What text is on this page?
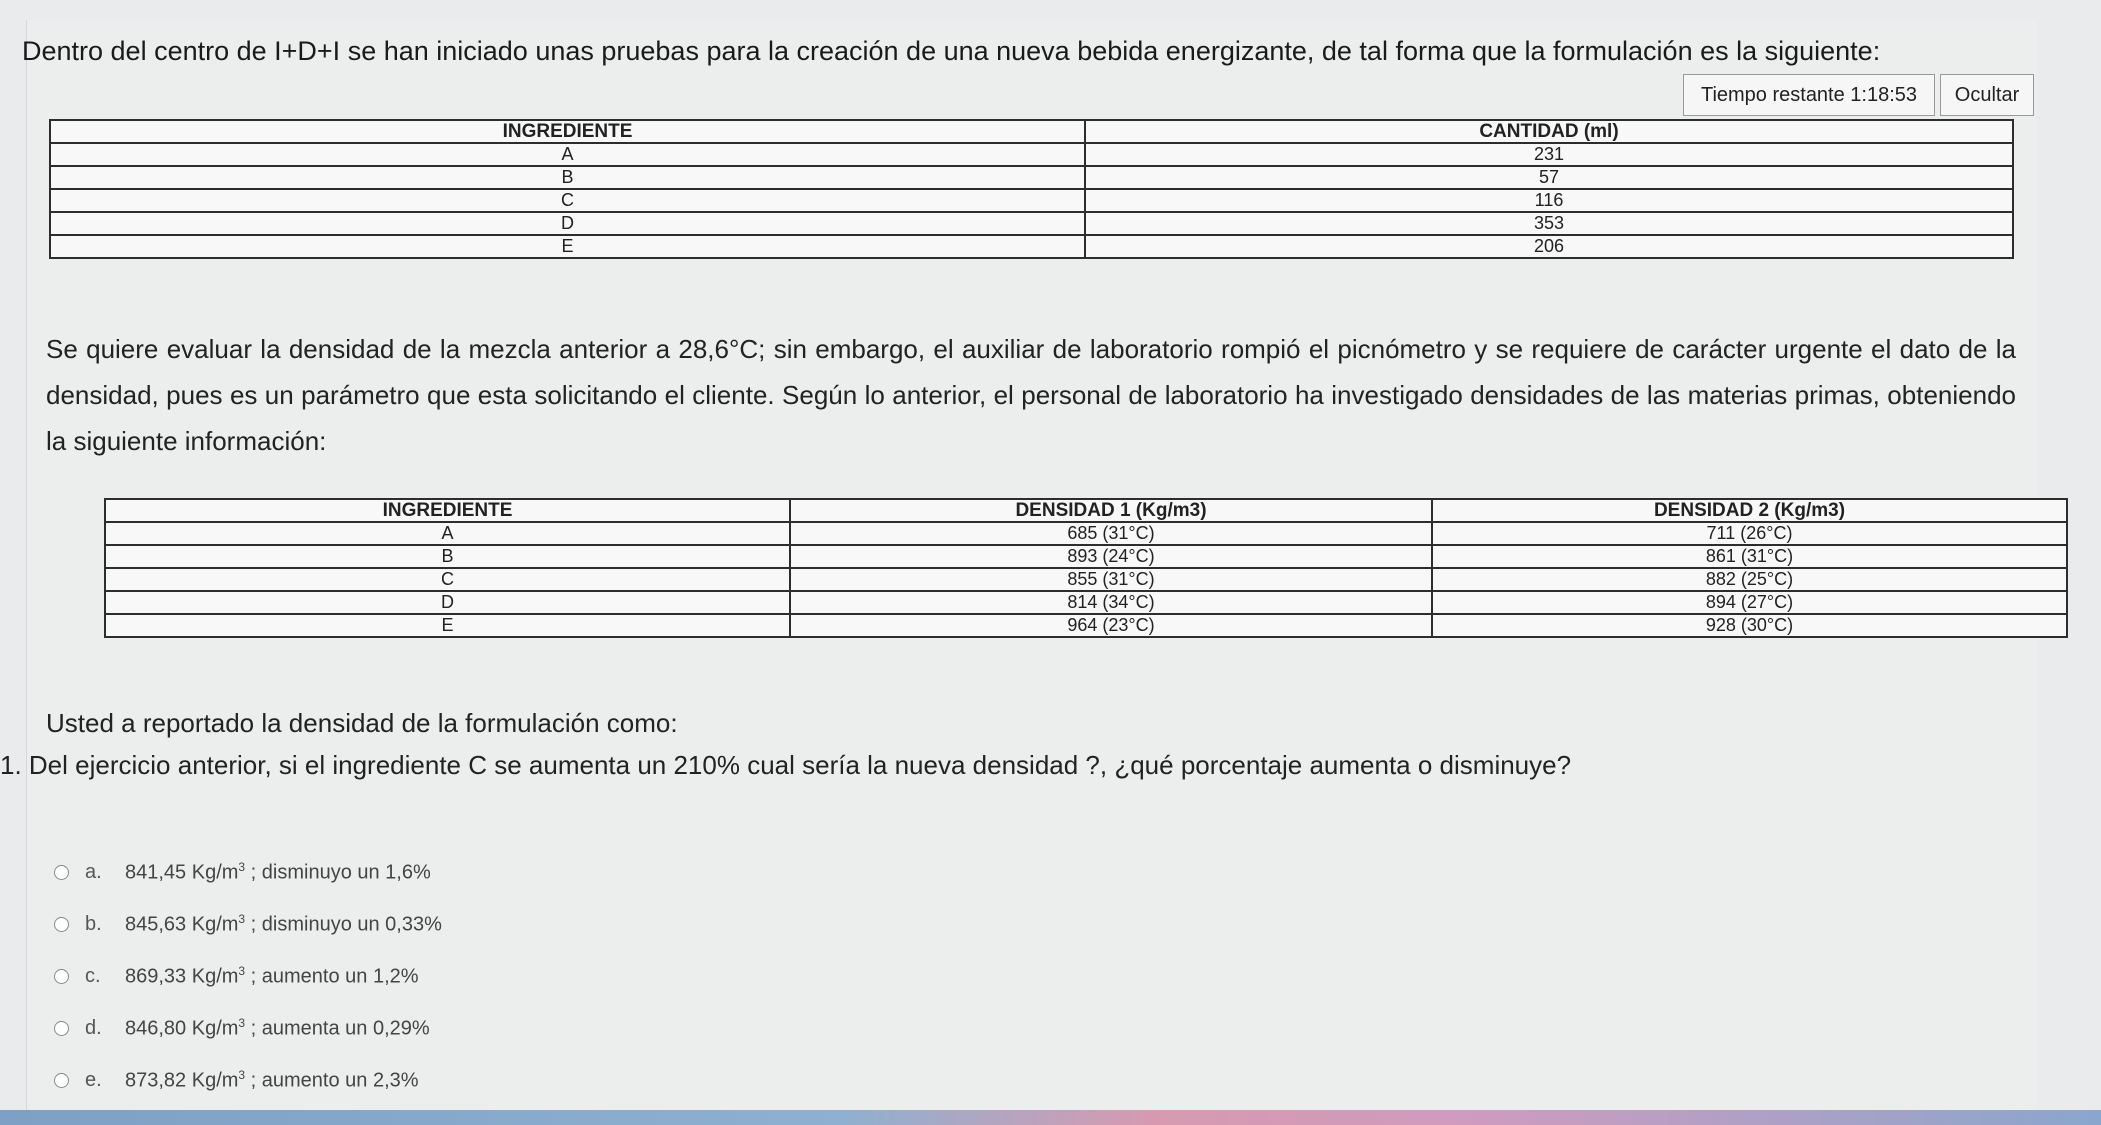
Dentro del centro de I+D+I se han iniciado unas pruebas para la creación de una nueva bebida energizante, de tal forma que la formulación es la siguiente:
Tiempo restante 1:18:53	Ocultar
INGREDIENTE	CANTIDAD (ml)
A	231
B	57
C	116
D	353
E	206
Se quiere evaluar la densidad de la mezcla anterior a 28,6°C; sin embargo, el auxiliar de laboratorio rompió el picnómetro y se requiere de carácter urgente el dato de la densidad, pues es un parámetro que esta solicitando el cliente. Según lo anterior, el personal de laboratorio ha investigado densidades de las materias primas, obteniendo la siguiente información:
INGREDIENTE	DENSIDAD 1 (Kg/m3)	DENSIDAD 2 (Kg/m3)
A	685 (31°C)	711 (26°C)
B	893 (24°C)	861 (31°C)
C	855 (31°C)	882 (25°C)
D	814 (34°C)	894 (27°C)
E	964 (23°C)	928 (30°C)
Usted a reportado la densidad de la formulación como:
1. Del ejercicio anterior, si el ingrediente C se aumenta un 210% cual sería la nueva densidad ?, ¿qué porcentaje aumenta o disminuye?
a.	841,45 $Kg/m^3$ ; disminuyo un 1,6%
b.	845,63 $Kg/m^3$ ; disminuyo un 0,33%
c.	869,33 $Kg/m^3$ ; aumento un 1,2%
d.	846,80 $Kg/m^3$ ; aumenta un 0,29%
e.	873,82 $Kg/m^3$ ; aumento un 2,3%
